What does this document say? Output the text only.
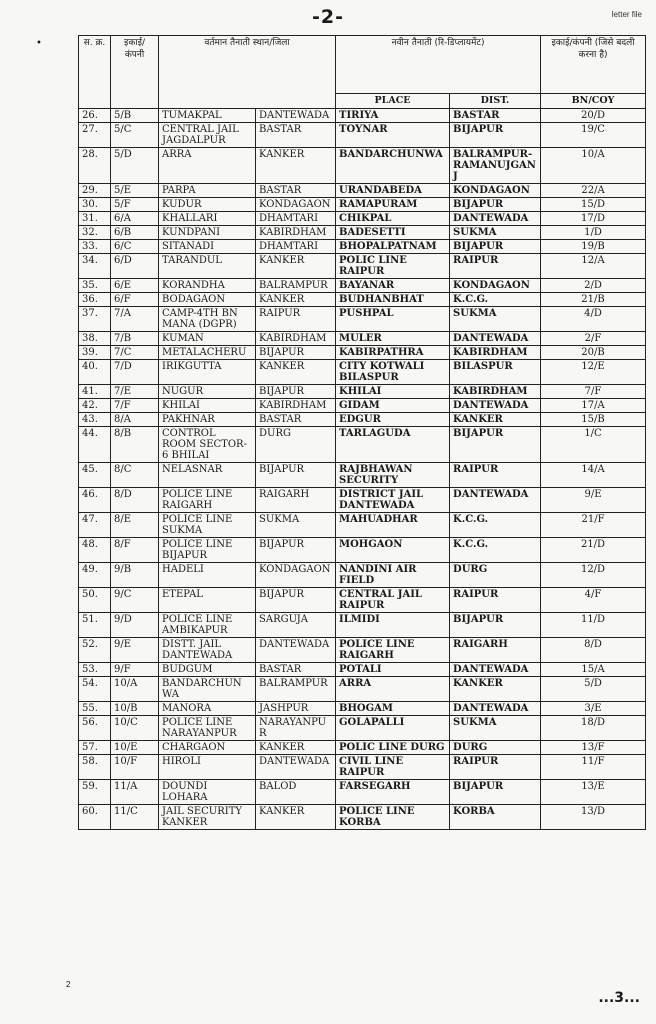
-2-	letter file
•	स. क्र.	इकाई/ कंपनी	वर्तमान तैनाती स्थान/जिला		नवीन तैनाती (रि-डिप्लायमेंट)		इकाई/कंपनी (जिसे बदली करना है)
				PLACE	DIST.	BN/COY
26.	5/B	TUMAKPAL	DANTEWADA	TIRIYA	BASTAR	20/D
27.	5/C	CENTRAL JAIL JAGDALPUR	BASTAR	TOYNAR	BIJAPUR	19/C
28.	5/D	ARRA	KANKER	BANDARCHUNWA	BALRAMPUR-RAMANUJGANJ	10/A
29.	5/E	PARPA	BASTAR	URANDABEDA	KONDAGAON	22/A
30.	5/F	KUDUR	KONDAGAON	RAMAPURAM	BIJAPUR	15/D
31.	6/A	KHALLARI	DHAMTARI	CHIKPAL	DANTEWADA	17/D
32.	6/B	KUNDPANI	KABIRDHAM	BADESETTI	SUKMA	1/D
33.	6/C	SITANADI	DHAMTARI	BHOPALPATNAM	BIJAPUR	19/B
34.	6/D	TARANDUL	KANKER	POLIC LINE RAIPUR	RAIPUR	12/A
35.	6/E	KORANDHA	BALRAMPUR	BAYANAR	KONDAGAON	2/D
36.	6/F	BODAGAON	KANKER	BUDHANBHAT	K.C.G.	21/B
37.	7/A	CAMP-4TH BN MANA (DGPR)	RAIPUR	PUSHPAL	SUKMA	4/D
38.	7/B	KUMAN	KABIRDHAM	MULER	DANTEWADA	2/F
39.	7/C	METALACHERU	BIJAPUR	KABIRPATHRA	KABIRDHAM	20/B
40.	7/D	IRIKGUTTA	KANKER	CITY KOTWALI BILASPUR	BILASPUR	12/E
41.	7/E	NUGUR	BIJAPUR	KHILAI	KABIRDHAM	7/F
42.	7/F	KHILAI	KABIRDHAM	GIDAM	DANTEWADA	17/A
43.	8/A	PAKHNAR	BASTAR	EDGUR	KANKER	15/B
44.	8/B	CONTROL ROOM SECTOR-6 BHILAI	DURG	TARLAGUDA	BIJAPUR	1/C
45.	8/C	NELASNAR	BIJAPUR	RAJBHAWAN SECURITY	RAIPUR	14/A
46.	8/D	POLICE LINE RAIGARH	RAIGARH	DISTRICT JAIL DANTEWADA	DANTEWADA	9/E
47.	8/E	POLICE LINE SUKMA	SUKMA	MAHUADHAR	K.C.G.	21/F
48.	8/F	POLICE LINE BIJAPUR	BIJAPUR	MOHGAON	K.C.G.	21/D
49.	9/B	HADELI	KONDAGAON	NANDINI AIR FIELD	DURG	12/D
50.	9/C	ETEPAL	BIJAPUR	CENTRAL JAIL RAIPUR	RAIPUR	4/F
51.	9/D	POLICE LINE AMBIKAPUR	SARGUJA	ILMIDI	BIJAPUR	11/D
52.	9/E	DISTT. JAIL DANTEWADA	DANTEWADA	POLICE LINE RAIGARH	RAIGARH	8/D
53.	9/F	BUDGUM	BASTAR	POTALI	DANTEWADA	15/A
54.	10/A	BANDARCHUN WA	BALRAMPUR	ARRA	KANKER	5/D
55.	10/B	MANORA	JASHPUR	BHOGAM	DANTEWADA	3/E
56.	10/C	POLICE LINE NARAYANPUR	NARAYANPUR	GOLAPALLI	SUKMA	18/D
57.	10/E	CHARGAON	KANKER	POLIC LINE DURG	DURG	13/F
58.	10/F	HIROLI	DANTEWADA	CIVIL LINE RAIPUR	RAIPUR	11/F
59.	11/A	DOUNDI LOHARA	BALOD	FARSEGARH	BIJAPUR	13/E
60.	11/C	JAIL SECURITY KANKER	KANKER	POLICE LINE KORBA	KORBA	13/D
2
...3...
